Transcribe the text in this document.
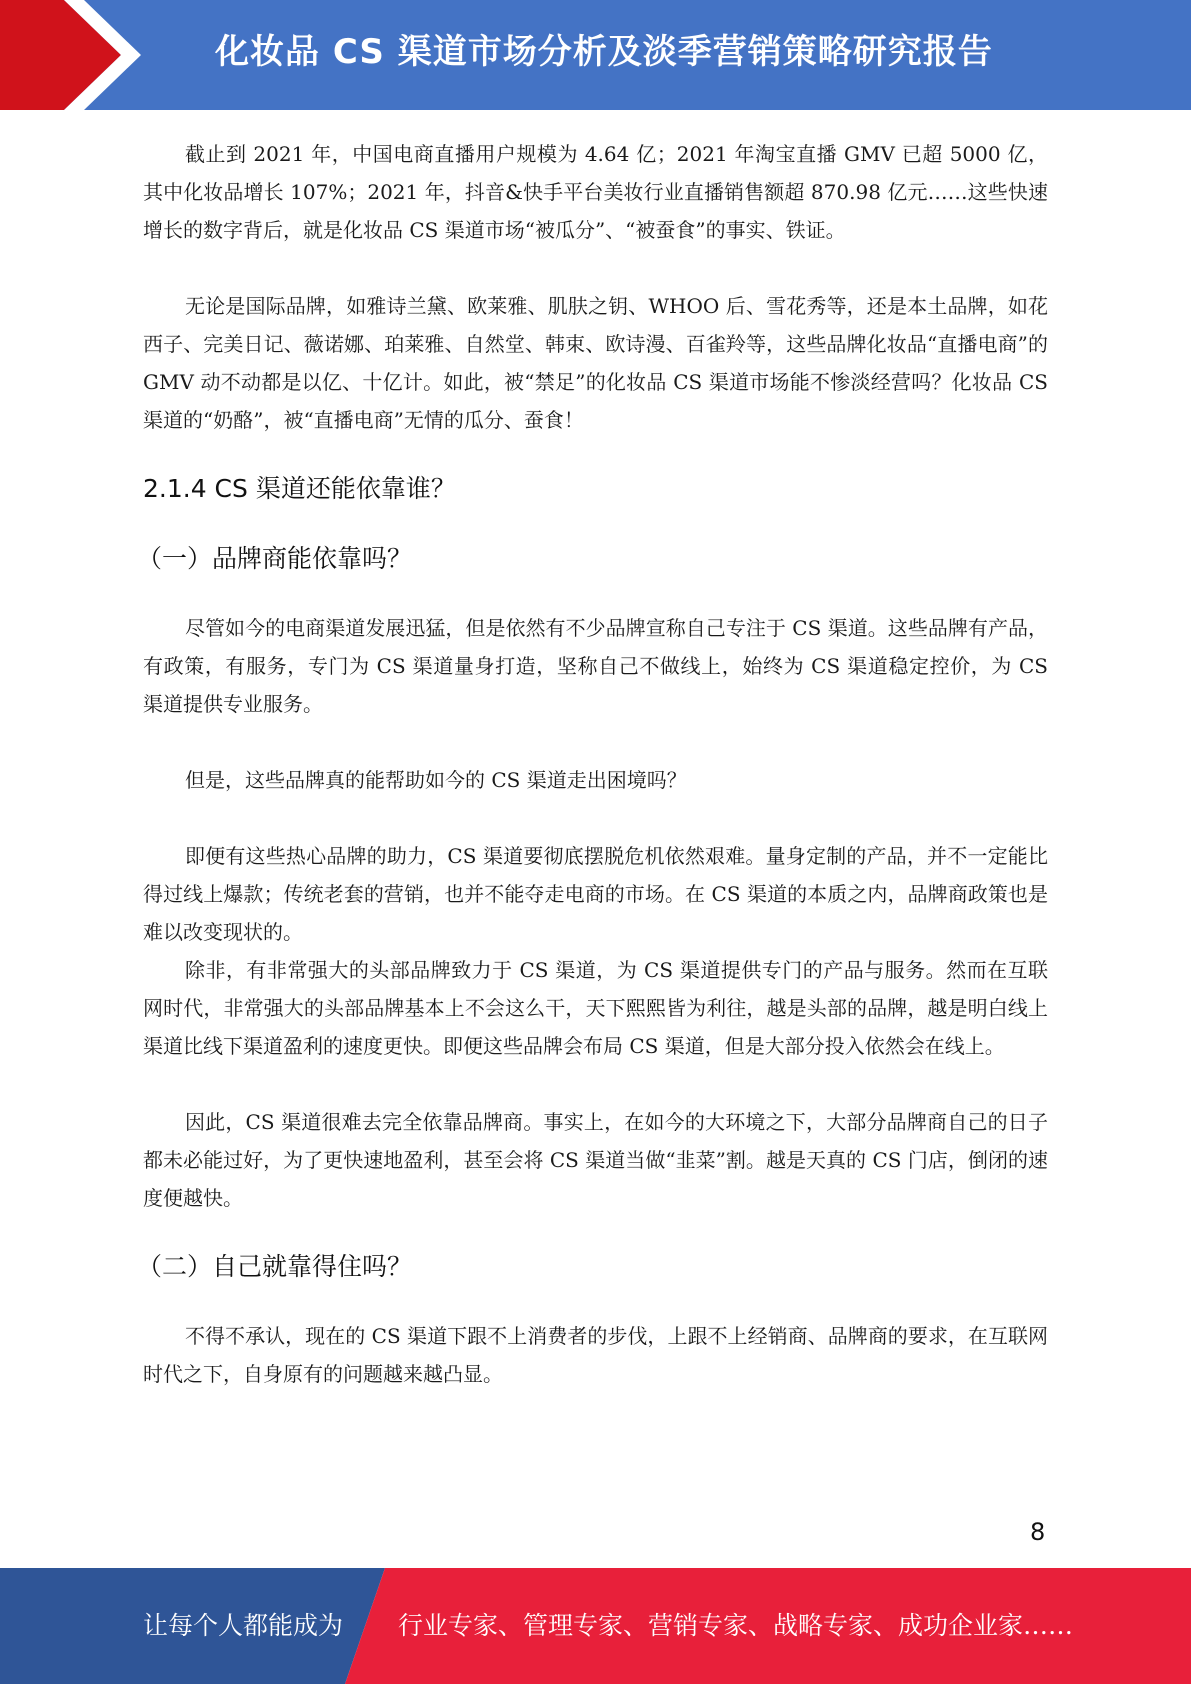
化妆品 CS 渠道市场分析及淡季营销策略研究报告

截止到 2021 年，中国电商直播用户规模为 4.64 亿；2021 年淘宝直播 GMV 已超 5000 亿，其中化妆品增长 107%；2021 年，抖音&快手平台美妆行业直播销售额超 870.98 亿元……这些快速增长的数字背后，就是化妆品 CS 渠道市场“被瓜分”、“被蚕食”的事实、铁证。

无论是国际品牌，如雅诗兰黛、欧莱雅、肌肤之钥、WHOO 后、雪花秀等，还是本土品牌，如花西子、完美日记、薇诺娜、珀莱雅、自然堂、韩束、欧诗漫、百雀羚等，这些品牌化妆品“直播电商”的 GMV 动不动都是以亿、十亿计。如此，被“禁足”的化妆品 CS 渠道市场能不惨淡经营吗？化妆品 CS 渠道的“奶酪”，被“直播电商”无情的瓜分、蚕食！

2.1.4 CS 渠道还能依靠谁？
（一）品牌商能依靠吗？

尽管如今的电商渠道发展迅猛，但是依然有不少品牌宣称自己专注于 CS 渠道。这些品牌有产品，有政策，有服务，专门为 CS 渠道量身打造，坚称自己不做线上，始终为 CS 渠道稳定控价，为 CS 渠道提供专业服务。

但是，这些品牌真的能帮助如今的 CS 渠道走出困境吗？

即便有这些热心品牌的助力，CS 渠道要彻底摆脱危机依然艰难。量身定制的产品，并不一定能比得过线上爆款；传统老套的营销，也并不能夺走电商的市场。在 CS 渠道的本质之内，品牌商政策也是难以改变现状的。

除非，有非常强大的头部品牌致力于 CS 渠道，为 CS 渠道提供专门的产品与服务。然而在互联网时代，非常强大的头部品牌基本上不会这么干，天下熙熙皆为利往，越是头部的品牌，越是明白线上渠道比线下渠道盈利的速度更快。即便这些品牌会布局 CS 渠道，但是大部分投入依然会在线上。

因此，CS 渠道很难去完全依靠品牌商。事实上，在如今的大环境之下，大部分品牌商自己的日子都未必能过好，为了更快速地盈利，甚至会将 CS 渠道当做“韭菜”割。越是天真的 CS 门店，倒闭的速度便越快。

（二）自己就靠得住吗？

不得不承认，现在的 CS 渠道下跟不上消费者的步伐，上跟不上经销商、品牌商的要求，在互联网时代之下，自身原有的问题越来越凸显。

8
让每个人都能成为 行业专家、管理专家、营销专家、战略专家、成功企业家……
